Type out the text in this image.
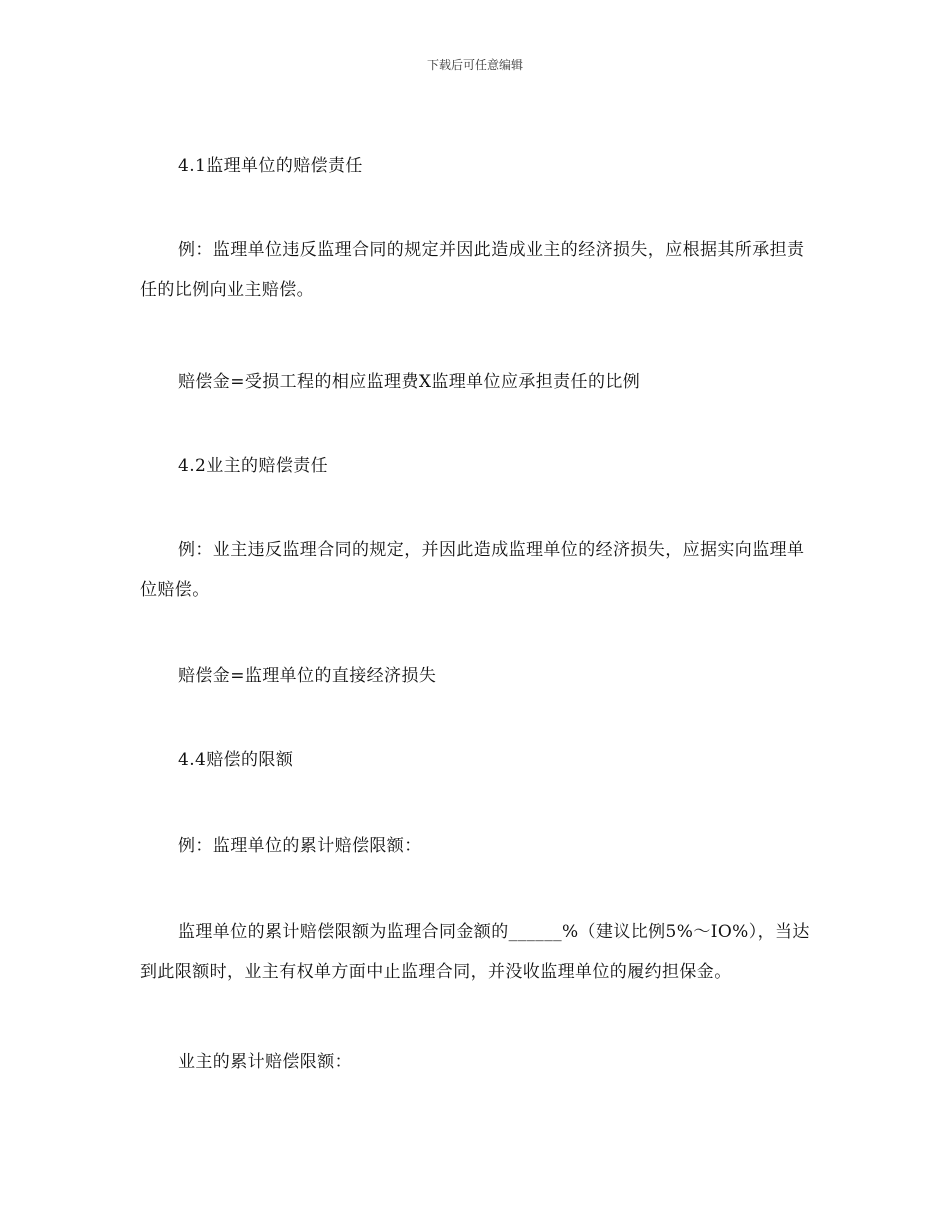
下载后可任意编辑
4.1监理单位的赔偿责任
例：监理单位违反监理合同的规定并因此造成业主的经济损失，应根据其所承担责任的比例向业主赔偿。
赔偿金=受损工程的相应监理费X监理单位应承担责任的比例
4.2业主的赔偿责任
例：业主违反监理合同的规定，并因此造成监理单位的经济损失，应据实向监理单位赔偿。
赔偿金=监理单位的直接经济损失
4.4赔偿的限额
例：监理单位的累计赔偿限额：
监理单位的累计赔偿限额为监理合同金额的______%（建议比例5%～IO%），当达到此限额时，业主有权单方面中止监理合同，并没收监理单位的履约担保金。
业主的累计赔偿限额：
